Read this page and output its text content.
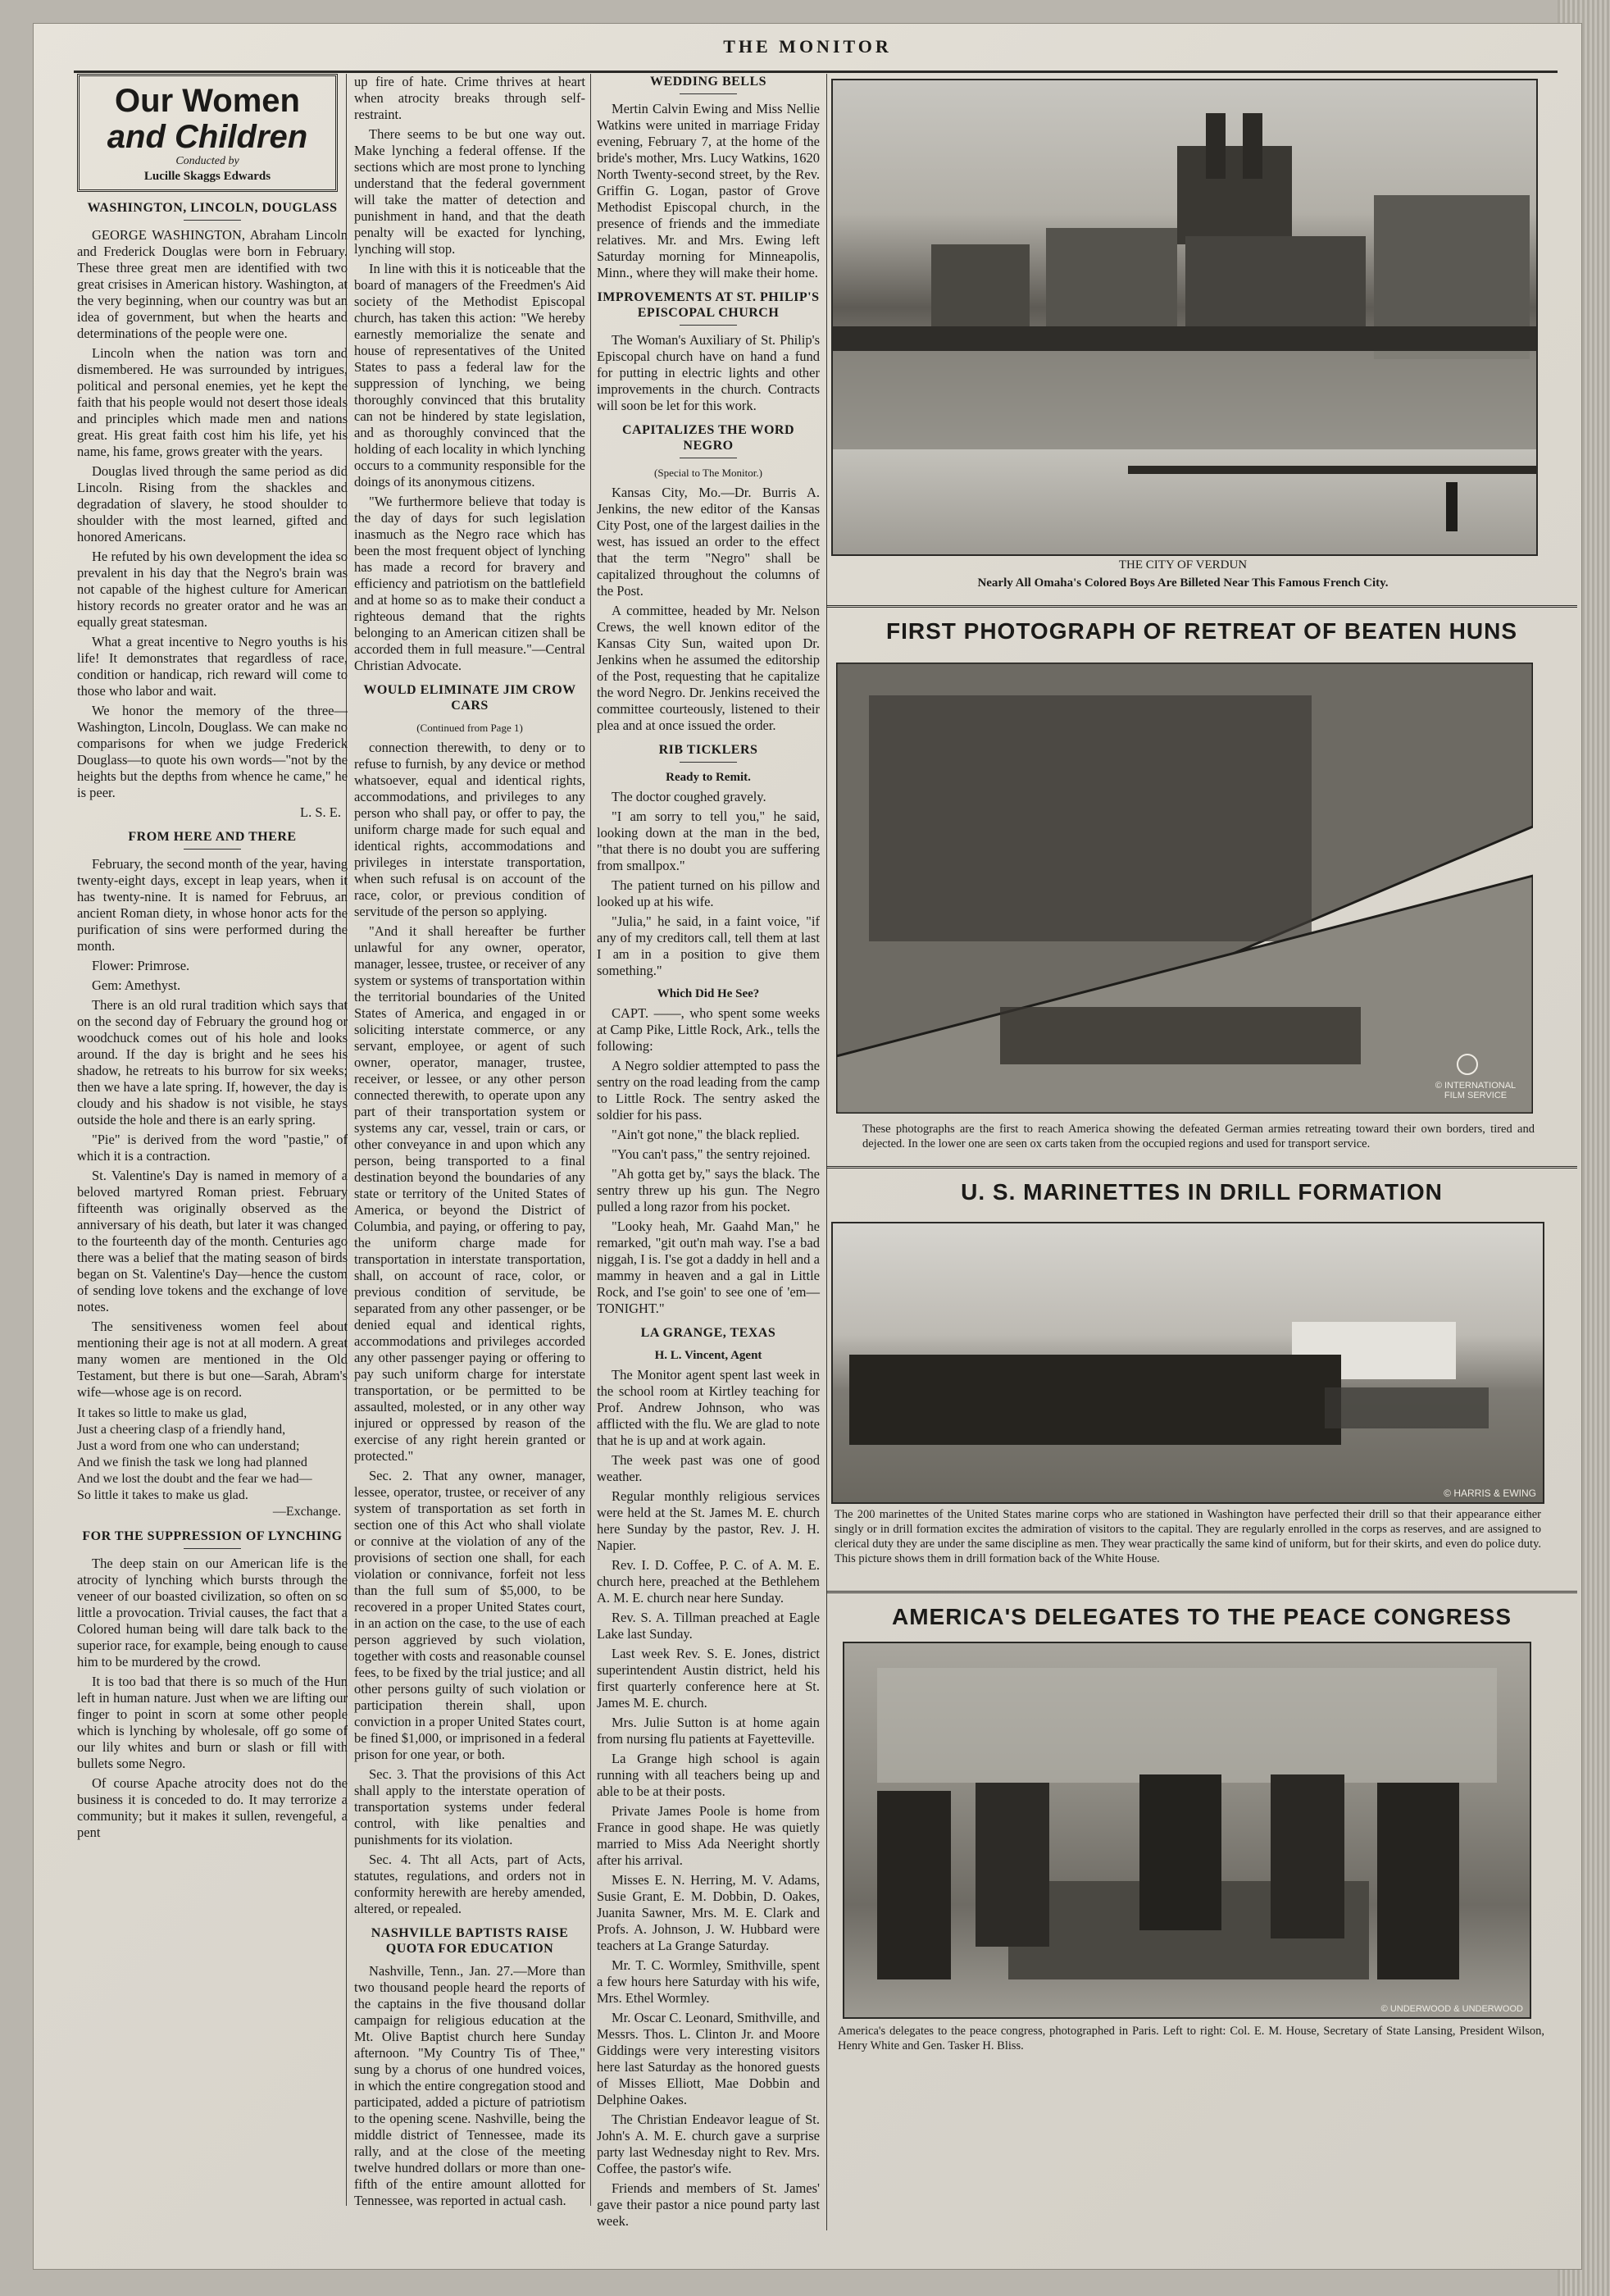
THE MONITOR
Our Women
and Children
Conducted by
Lucille Skaggs Edwards
WASHINGTON, LINCOLN, DOUGLASS

GEORGE WASHINGTON, Abraham Lincoln and Frederick Douglas were born in February. These three great men are identified with two great crisises in American history. Washington, at the very beginning, when our country was but an idea of government, but when the hearts and determinations of the people were one.

Lincoln when the nation was torn and dismembered. He was surrounded by intrigues, political and personal enemies, yet he kept the faith that his people would not desert those ideals and principles which made men and nations great. His great faith cost him his life, yet his name, his fame, grows greater with the years.

Douglas lived through the same period as did Lincoln. Rising from the shackles and degradation of slavery, he stood shoulder to shoulder with the most learned, gifted and honored Americans.

He refuted by his own development the idea so prevalent in his day that the Negro's brain was not capable of the highest culture for American history records no greater orator and he was an equally great statesman.

What a great incentive to Negro youths is his life! It demonstrates that regardless of race, condition or handicap, rich reward will come to those who labor and wait.

We honor the memory of the three—Washington, Lincoln, Douglass. We can make no comparisons for when we judge Frederick Douglass—to quote his own words—"not by the heights but the depths from whence he came," he is peer.

L. S. E.
FROM HERE AND THERE

February, the second month of the year, having twenty-eight days, except in leap years, when it has twenty-nine. It is named for Februus, an ancient Roman diety, in whose honor acts for the purification of sins were performed during the month.

Flower: Primrose.

Gem: Amethyst.

There is an old rural tradition which says that on the second day of February the ground hog or woodchuck comes out of his hole and looks around. If the day is bright and he sees his shadow, he retreats to his burrow for six weeks; then we have a late spring. If, however, the day is cloudy and his shadow is not visible, he stays outside the hole and there is an early spring.

"Pie" is derived from the word "pastie," of which it is a contraction.

St. Valentine's Day is named in memory of a beloved martyred Roman priest. February fifteenth was originally observed as the anniversary of his death, but later it was changed to the fourteenth day of the month. Centuries ago there was a belief that the mating season of birds began on St. Valentine's Day—hence the custom of sending love tokens and the exchange of love notes.

The sensitiveness women feel about mentioning their age is not at all modern. A great many women are mentioned in the Old Testament, but there is but one—Sarah, Abram's wife—whose age is on record.

It takes so little to make us glad,
Just a cheering clasp of a friendly hand,
Just a word from one who can understand;
And we finish the task we long had planned
And we lost the doubt and the fear we had—
So little it takes to make us glad.
—Exchange.
FOR THE SUPPRESSION OF LYNCHING

The deep stain on our American life is the atrocity of lynching which bursts through the veneer of our boasted civilization, so often on so little a provocation. Trivial causes, the fact that a Colored human being will dare talk back to the superior race, for example, being enough to cause him to be murdered by the crowd.

It is too bad that there is so much of the Hun left in human nature. Just when we are lifting our finger to point in scorn at some other people which is lynching by wholesale, off go some of our lily whites and burn or slash or fill with bullets some Negro.

Of course Apache atrocity does not do the business it is conceded to do. It may terrorize a community; but it makes it sullen, revengeful, a pent

up fire of hate. Crime thrives at heart when atrocity breaks through self-restraint.

There seems to be but one way out. Make lynching a federal offense. If the sections which are most prone to lynching understand that the federal government will take the matter of detection and punishment in hand, and that the death penalty will be exacted for lynching, lynching will stop.

In line with this it is noticeable that the board of managers of the Freedmen's Aid society of the Methodist Episcopal church, has taken this action: "We hereby earnestly memorialize the senate and house of representatives of the United States to pass a federal law for the suppression of lynching, we being thoroughly convinced that this brutality can not be hindered by state legislation, and as thoroughly convinced that the holding of each locality in which lynching occurs to a community responsible for the doings of its anonymous citizens.

"We furthermore believe that today is the day of days for such legislation inasmuch as the Negro race which has been the most frequent object of lynching has made a record for bravery and efficiency and patriotism on the battlefield and at home so as to make their conduct a righteous demand that the rights belonging to an American citizen shall be accorded them in full measure."—Central Christian Advocate.

WOULD ELIMINATE JIM CROW CARS
(Continued from Page 1)

connection therewith, to deny or to refuse to furnish, by any device or method whatsoever, equal and identical rights, accommodations, and privileges to any person who shall pay, or offer to pay, the uniform charge made for such equal and identical rights, accommodations and privileges in interstate transportation, when such refusal is on account of the race, color, or previous condition of servitude of the person so applying.

"And it shall hereafter be further unlawful for any owner, operator, manager, lessee, trustee, or receiver of any system or systems of transportation within the territorial boundaries of the United States of America, and engaged in or soliciting interstate commerce, or any servant, employee, or agent of such owner, operator, manager, trustee, receiver, or lessee, or any other person connected therewith, to operate upon any part of their transportation system or systems any car, vessel, train or cars, or other conveyance in and upon which any person, being transported to a final destination beyond the boundaries of any state or territory of the United States of America, or beyond the District of Columbia, and paying, or offering to pay, the uniform charge made for transportation in interstate transportation, shall, on account of race, color, or previous condition of servitude, be separated from any other passenger, or be denied equal and identical rights, accommodations and privileges accorded any other passenger paying or offering to pay such uniform charge for interstate transportation, or be permitted to be assaulted, molested, or in any other way injured or oppressed by reason of the exercise of any right herein granted or protected."

Sec. 2. That any owner, manager, lessee, operator, trustee, or receiver of any system of transportation as set forth in section one of this Act who shall violate or connive at the violation of any of the provisions of section one shall, for each violation or connivance, forfeit not less than the full sum of $5,000, to be recovered in a proper United States court, in an action on the case, to the use of each person aggrieved by such violation, together with costs and reasonable counsel fees, to be fixed by the trial justice; and all other persons guilty of such violation or participation therein shall, upon conviction in a proper United States court, be fined $1,000, or imprisoned in a federal prison for one year, or both.

Sec. 3. That the provisions of this Act shall apply to the interstate operation of transportation systems under federal control, with like penalties and punishments for its violation.

Sec. 4. Tht all Acts, part of Acts, statutes, regulations, and orders not in conformity herewith are hereby amended, altered, or repealed.

NASHVILLE BAPTISTS RAISE QUOTA FOR EDUCATION

Nashville, Tenn., Jan. 27.—More than two thousand people heard the reports of the captains in the five thousand dollar campaign for religious education at the Mt. Olive Baptist church here Sunday afternoon. "My Country Tis of Thee," sung by a chorus of one hundred voices, in which the entire congregation stood and participated, added a picture of patriotism to the opening scene. Nashville, being the middle district of Tennessee, made its rally, and at the close of the meeting twelve hundred dollars or more than one-fifth of the entire amount allotted for Tennessee, was reported in actual cash.

WEDDING BELLS

Mertin Calvin Ewing and Miss Nellie Watkins were united in marriage Friday evening, February 7, at the home of the bride's mother, Mrs. Lucy Watkins, 1620 North Twenty-second street, by the Rev. Griffin G. Logan, pastor of Grove Methodist Episcopal church, in the presence of friends and the immediate relatives. Mr. and Mrs. Ewing left Saturday morning for Minneapolis, Minn., where they will make their home.

IMPROVEMENTS AT ST. PHILIP'S EPISCOPAL CHURCH

The Woman's Auxiliary of St. Philip's Episcopal church have on hand a fund for putting in electric lights and other improvements in the church. Contracts will soon be let for this work.

CAPITALIZES THE WORD NEGRO
(Special to The Monitor.)

Kansas City, Mo.—Dr. Burris A. Jenkins, the new editor of the Kansas City Post, one of the largest dailies in the west, has issued an order to the effect that the term "Negro" shall be capitalized throughout the columns of the Post.

A committee, headed by Mr. Nelson Crews, the well known editor of the Kansas City Sun, waited upon Dr. Jenkins when he assumed the editorship of the Post, requesting that he capitalize the word Negro. Dr. Jenkins received the committee courteously, listened to their plea and at once issued the order.

RIB TICKLERS
Ready to Remit.

The doctor coughed gravely.

"I am sorry to tell you," he said, looking down at the man in the bed, "that there is no doubt you are suffering from smallpox."

The patient turned on his pillow and looked up at his wife.

"Julia," he said, in a faint voice, "if any of my creditors call, tell them at last I am in a position to give them something."

Which Did He See?

CAPT. ——, who spent some weeks at Camp Pike, Little Rock, Ark., tells the following:

A Negro soldier attempted to pass the sentry on the road leading from the camp to Little Rock. The sentry asked the soldier for his pass.

"Ain't got none," the black replied.

"You can't pass," the sentry rejoined.

"Ah gotta get by," says the black. The sentry threw up his gun. The Negro pulled a long razor from his pocket.

"Looky heah, Mr. Gaahd Man," he remarked, "git out'n mah way. I'se a bad niggah, I is. I'se got a daddy in hell and a mammy in heaven and a gal in Little Rock, and I'se goin' to see one of 'em—TONIGHT."

LA GRANGE, TEXAS
H. L. Vincent, Agent

The Monitor agent spent last week in the school room at Kirtley teaching for Prof. Andrew Johnson, who was afflicted with the flu. We are glad to note that he is up and at work again.

The week past was one of good weather.

Regular monthly religious services were held at the St. James M. E. church here Sunday by the pastor, Rev. J. H. Napier.

Rev. I. D. Coffee, P. C. of A. M. E. church here, preached at the Bethlehem A. M. E. church near here Sunday.

Rev. S. A. Tillman preached at Eagle Lake last Sunday.

Last week Rev. S. E. Jones, district superintendent Austin district, held his first quarterly conference here at St. James M. E. church.

Mrs. Julie Sutton is at home again from nursing flu patients at Fayetteville.

La Grange high school is again running with all teachers being up and able to be at their posts.

Private James Poole is home from France in good shape. He was quietly married to Miss Ada Neeright shortly after his arrival.

Misses E. N. Herring, M. V. Adams, Susie Grant, E. M. Dobbin, D. Oakes, Juanita Sawner, Mrs. M. E. Clark and Profs. A. Johnson, J. W. Hubbard were teachers at La Grange Saturday.

Mr. T. C. Wormley, Smithville, spent a few hours here Saturday with his wife, Mrs. Ethel Wormley.

Mr. Oscar C. Leonard, Smithville, and Messrs. Thos. L. Clinton Jr. and Moore Giddings were very interesting visitors here last Saturday as the honored guests of Misses Elliott, Mae Dobbin and Delphine Oakes.

The Christian Endeavor league of St. John's A. M. E. church gave a surprise party last Wednesday night to Rev. Mrs. Coffee, the pastor's wife.

Friends and members of St. James' gave their pastor a nice pound party last week.

THE CITY OF VERDUN
Nearly All Omaha's Colored Boys Are Billeted Near This Famous French City.
FIRST PHOTOGRAPH OF RETREAT OF BEATEN HUNS
© INTERNATIONAL FILM SERVICE
These photographs are the first to reach America showing the defeated German armies retreating toward their own borders, tired and dejected. In the lower one are seen ox carts taken from the occupied regions and used for transport service.
U. S. MARINETTES IN DRILL FORMATION
© HARRIS & EWING
The 200 marinettes of the United States marine corps who are stationed in Washington have perfected their drill so that their appearance either singly or in drill formation excites the admiration of visitors to the capital. They are regularly enrolled in the corps as reserves, and are assigned to clerical duty they are under the same discipline as men. They wear practically the same kind of uniform, but for their skirts, and even do police duty. This picture shows them in drill formation back of the White House.
AMERICA'S DELEGATES TO THE PEACE CONGRESS
© UNDERWOOD & UNDERWOOD
America's delegates to the peace congress, photographed in Paris. Left to right: Col. E. M. House, Secretary of State Lansing, President Wilson, Henry White and Gen. Tasker H. Bliss.
